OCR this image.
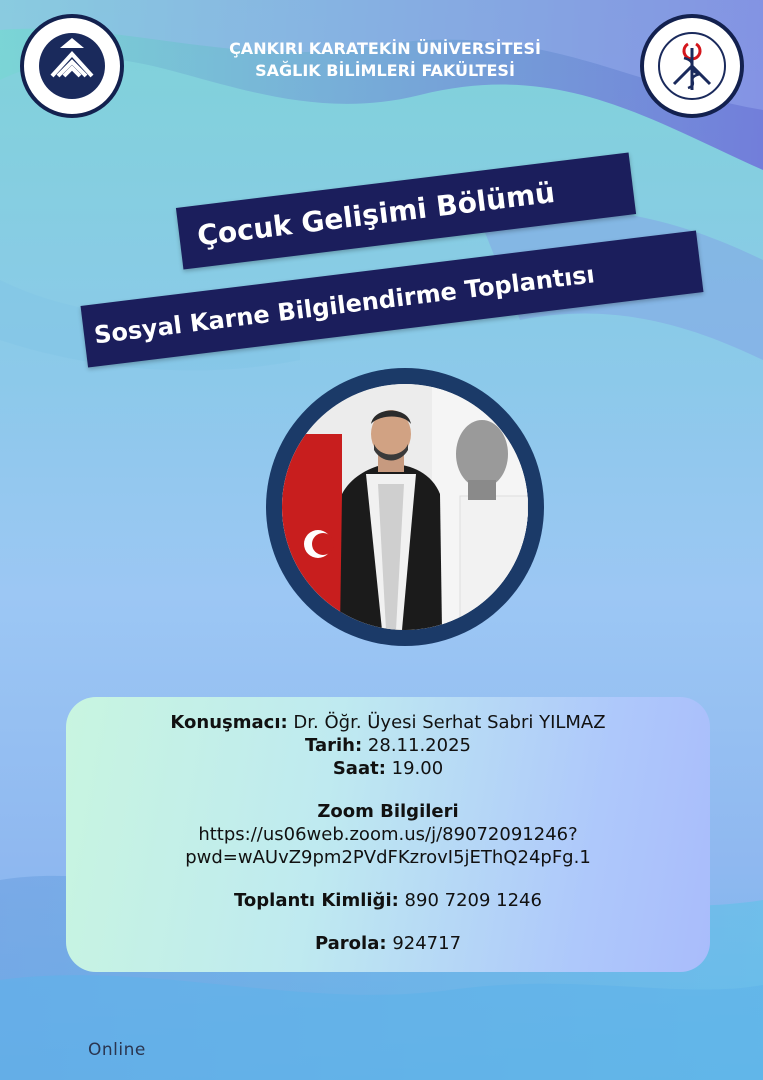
ÇANKIRI KARATEKİN ÜNİVERSİTESİ
SAĞLIK BİLİMLERİ FAKÜLTESİ
Çocuk Gelişimi Bölümü
Sosyal Karne Bilgilendirme Toplantısı
Konuşmacı: Dr. Öğr. Üyesi Serhat Sabri YILMAZ
Tarih: 28.11.2025
Saat: 19.00
Zoom Bilgileri
https://us06web.zoom.us/j/89072091246?
pwd=wAUvZ9pm2PVdFKzrovI5jEThQ24pFg.1
Toplantı Kimliği: 890 7209 1246
Parola: 924717
Online
